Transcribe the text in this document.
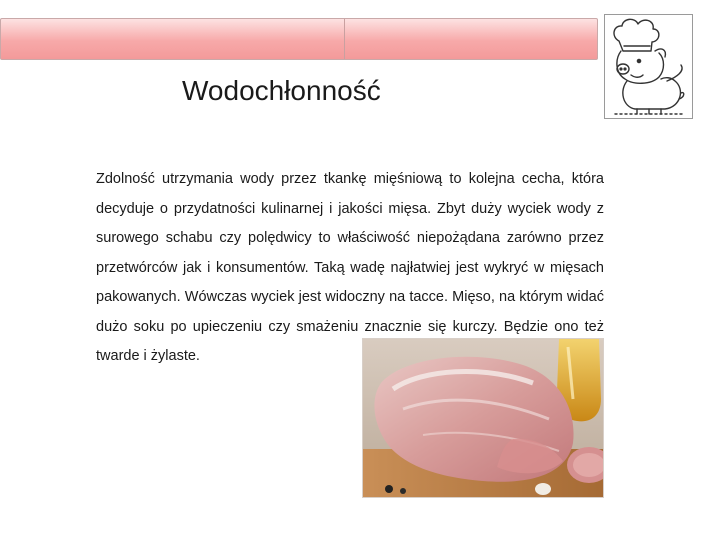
Wodochłonność

Zdolność utrzymania wody przez tkankę mięśniową to kolejna cecha, która decyduje o przydatności kulinarnej i jakości mięsa. Zbyt duży wyciek wody z surowego schabu czy polędwicy to właściwość niepożądana zarówno przez przetwórców jak i konsumentów. Taką wadę najłatwiej jest wykryć w mięsach pakowanych. Wówczas wyciek jest widoczny na tacce. Mięso, na którym widać dużo soku po upieczeniu czy smażeniu znacznie się kurczy. Będzie ono też twarde i żylaste.
